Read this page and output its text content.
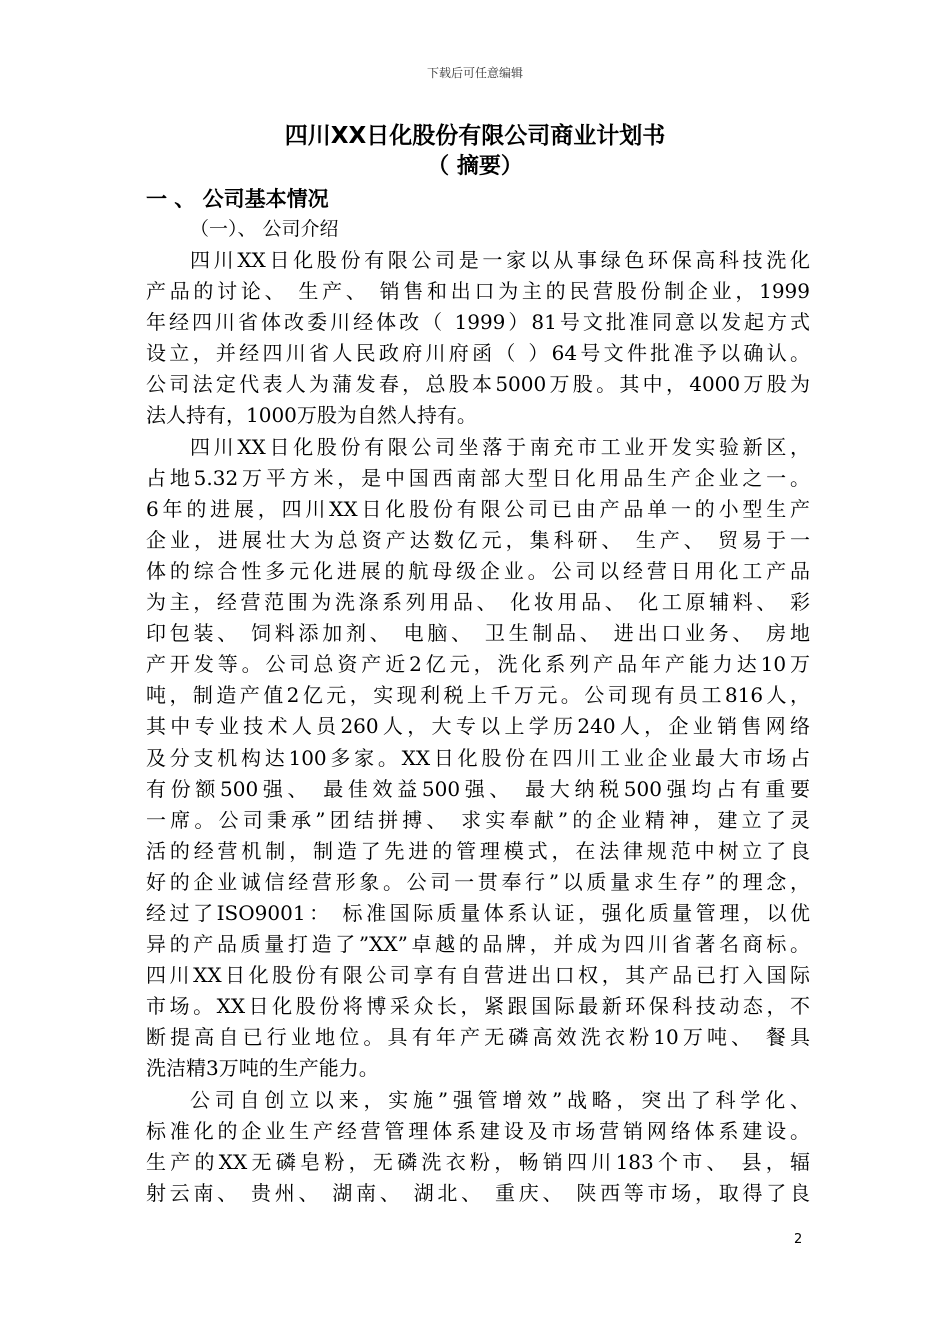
下载后可任意编辑
四川XX日化股份有限公司商业计划书
（ 摘要）
一 、 公司基本情况
（一）、 公司介绍
四川XX日化股份有限公司是一家以从事绿色环保高科技洗化
产品的讨论、 生产、 销售和出口为主的民营股份制企业，1999
年经四川省体改委川经体改（ 1999）81号文批准同意以发起方式
设立，并经四川省人民政府川府函（ ）64号文件批准予以确认。
公司法定代表人为蒲发春，总股本5000万股。其中，4000万股为
法人持有，1000万股为自然人持有。
四川XX日化股份有限公司坐落于南充市工业开发实验新区，
占地5.32万平方米，是中国西南部大型日化用品生产企业之一。
6年的进展，四川XX日化股份有限公司已由产品单一的小型生产
企业，进展壮大为总资产达数亿元，集科研、 生产、 贸易于一
体的综合性多元化进展的航母级企业。公司以经营日用化工产品
为主，经营范围为洗涤系列用品、 化妆用品、 化工原辅料、 彩
印包装、 饲料添加剂、 电脑、 卫生制品、 进出口业务、 房地
产开发等。公司总资产近2亿元，洗化系列产品年产能力达10万
吨，制造产值2亿元，实现利税上千万元。公司现有员工816人，
其中专业技术人员260人，大专以上学历240人，企业销售网络
及分支机构达100多家。XX日化股份在四川工业企业最大市场占
有份额500强、 最佳效益500强、 最大纳税500强均占有重要
一席。公司秉承”团结拼搏、 求实奉献”的企业精神，建立了灵
活的经营机制，制造了先进的管理模式，在法律规范中树立了良
好的企业诚信经营形象。公司一贯奉行”以质量求生存”的理念，
经过了ISO9001： 标准国际质量体系认证，强化质量管理，以优
异的产品质量打造了”XX”卓越的品牌，并成为四川省著名商标。
四川XX日化股份有限公司享有自营进出口权，其产品已打入国际
市场。XX日化股份将博采众长，紧跟国际最新环保科技动态，不
断提高自已行业地位。具有年产无磷高效洗衣粉10万吨、 餐具
洗洁精3万吨的生产能力。
公司自创立以来，实施”强管增效”战略，突出了科学化、
标准化的企业生产经营管理体系建设及市场营销网络体系建设。
生产的XX无磷皂粉，无磷洗衣粉，畅销四川183个市、 县，辐
射云南、 贵州、 湖南、 湖北、 重庆、 陕西等市场，取得了良
2
